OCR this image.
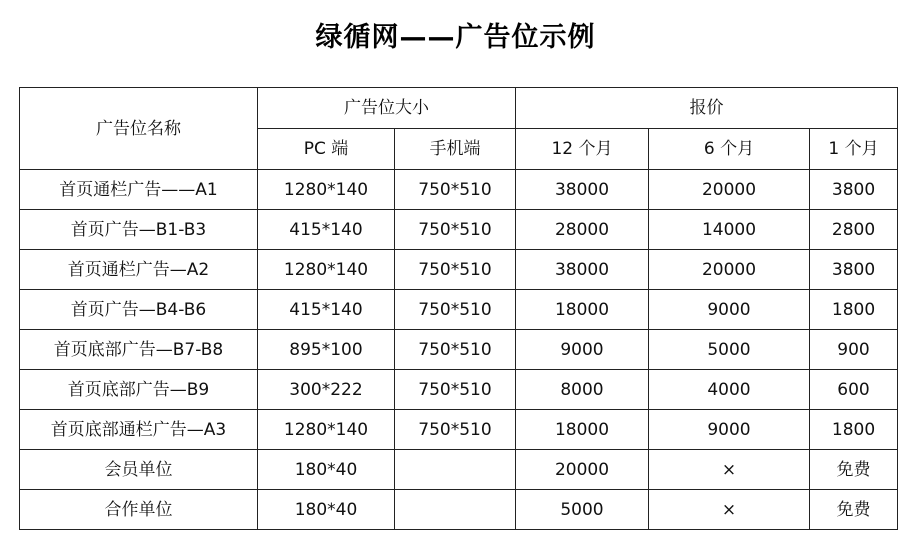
绿循网——广告位示例
广告位名称	广告位大小		报价		
	PC 端	手机端	12 个月	6 个月	1 个月
首页通栏广告——A1	1280*140	750*510	38000	20000	3800
首页广告—B1-B3	415*140	750*510	28000	14000	2800
首页通栏广告—A2	1280*140	750*510	38000	20000	3800
首页广告—B4-B6	415*140	750*510	18000	9000	1800
首页底部广告—B7-B8	895*100	750*510	9000	5000	900
首页底部广告—B9	300*222	750*510	8000	4000	600
首页底部通栏广告—A3	1280*140	750*510	18000	9000	1800
会员单位	180*40		20000	×	免费
合作单位	180*40		5000	×	免费
